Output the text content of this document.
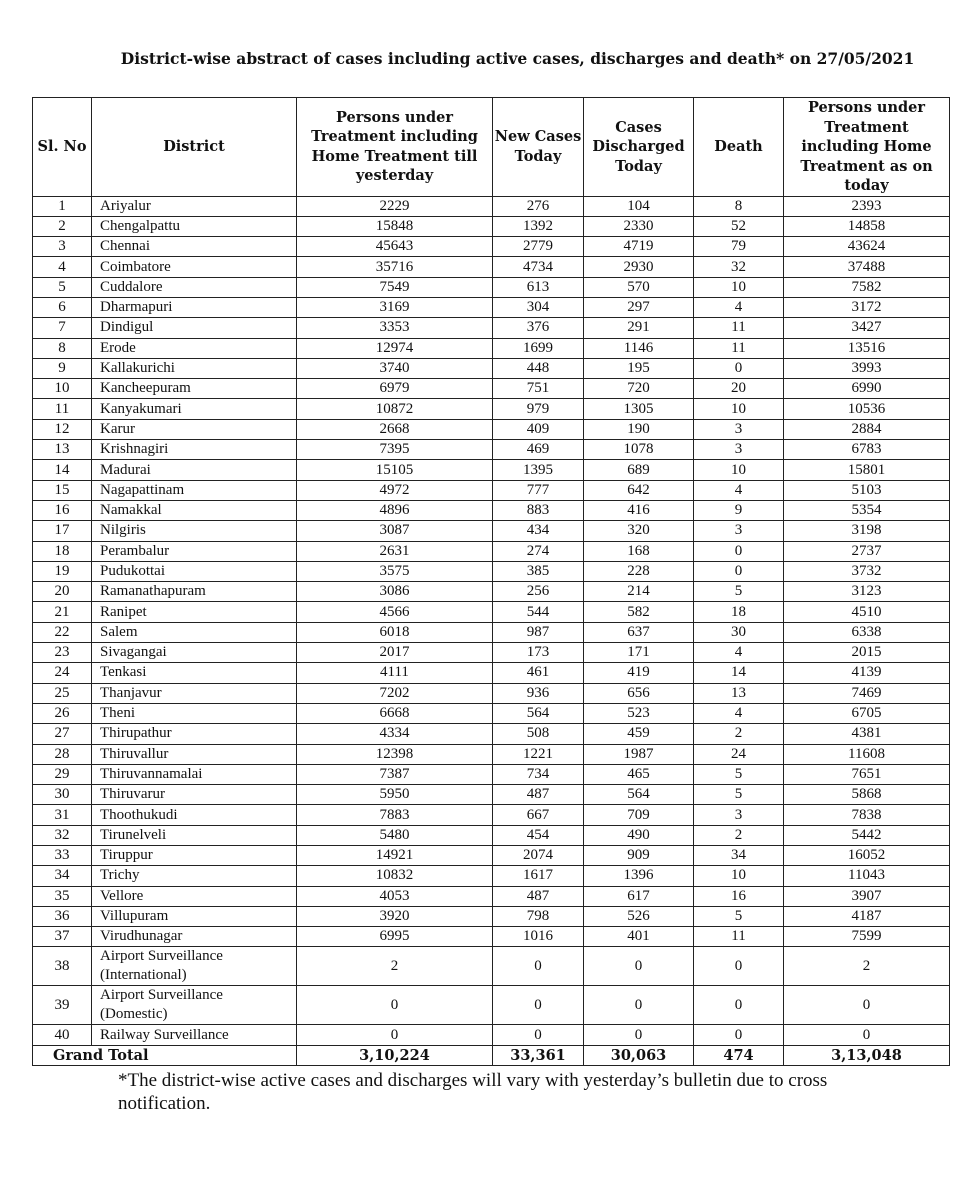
District-wise abstract of cases including active cases, discharges and death* on 27/05/2021
Sl. No	District	Persons under Treatment including Home Treatment till yesterday	New Cases Today	Cases Discharged Today	Death	Persons under Treatment including Home Treatment as on today
1	Ariyalur	2229	276	104	8	2393
2	Chengalpattu	15848	1392	2330	52	14858
3	Chennai	45643	2779	4719	79	43624
4	Coimbatore	35716	4734	2930	32	37488
5	Cuddalore	7549	613	570	10	7582
6	Dharmapuri	3169	304	297	4	3172
7	Dindigul	3353	376	291	11	3427
8	Erode	12974	1699	1146	11	13516
9	Kallakurichi	3740	448	195	0	3993
10	Kancheepuram	6979	751	720	20	6990
11	Kanyakumari	10872	979	1305	10	10536
12	Karur	2668	409	190	3	2884
13	Krishnagiri	7395	469	1078	3	6783
14	Madurai	15105	1395	689	10	15801
15	Nagapattinam	4972	777	642	4	5103
16	Namakkal	4896	883	416	9	5354
17	Nilgiris	3087	434	320	3	3198
18	Perambalur	2631	274	168	0	2737
19	Pudukottai	3575	385	228	0	3732
20	Ramanathapuram	3086	256	214	5	3123
21	Ranipet	4566	544	582	18	4510
22	Salem	6018	987	637	30	6338
23	Sivagangai	2017	173	171	4	2015
24	Tenkasi	4111	461	419	14	4139
25	Thanjavur	7202	936	656	13	7469
26	Theni	6668	564	523	4	6705
27	Thirupathur	4334	508	459	2	4381
28	Thiruvallur	12398	1221	1987	24	11608
29	Thiruvannamalai	7387	734	465	5	7651
30	Thiruvarur	5950	487	564	5	5868
31	Thoothukudi	7883	667	709	3	7838
32	Tirunelveli	5480	454	490	2	5442
33	Tiruppur	14921	2074	909	34	16052
34	Trichy	10832	1617	1396	10	11043
35	Vellore	4053	487	617	16	3907
36	Villupuram	3920	798	526	5	4187
37	Virudhunagar	6995	1016	401	11	7599
38	Airport Surveillance
(International)	2	0	0	0	2
39	Airport Surveillance
(Domestic)	0	0	0	0	0
40	Railway Surveillance	0	0	0	0	0
Grand Total		3,10,224	33,361	30,063	474	3,13,048
*The district-wise active cases and discharges will vary with yesterday’s bulletin due to cross notification.
